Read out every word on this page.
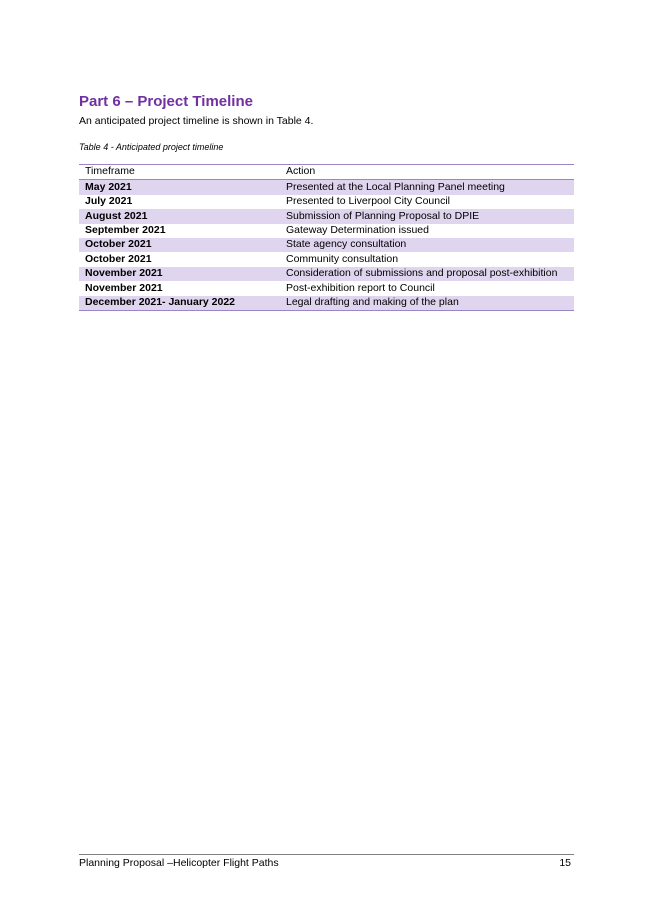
Part 6 – Project Timeline

An anticipated project timeline is shown in Table 4.

Table 4 - Anticipated project timeline

Timeframe	Action
May 2021	Presented at the Local Planning Panel meeting
July 2021	Presented to Liverpool City Council
August 2021	Submission of Planning Proposal to DPIE
September 2021	Gateway Determination issued
October 2021	State agency consultation
October 2021	Community consultation
November 2021	Consideration of submissions and proposal post-exhibition
November 2021	Post-exhibition report to Council
December 2021- January 2022	Legal drafting and making of the plan
Planning Proposal –Helicopter Flight Paths	15
